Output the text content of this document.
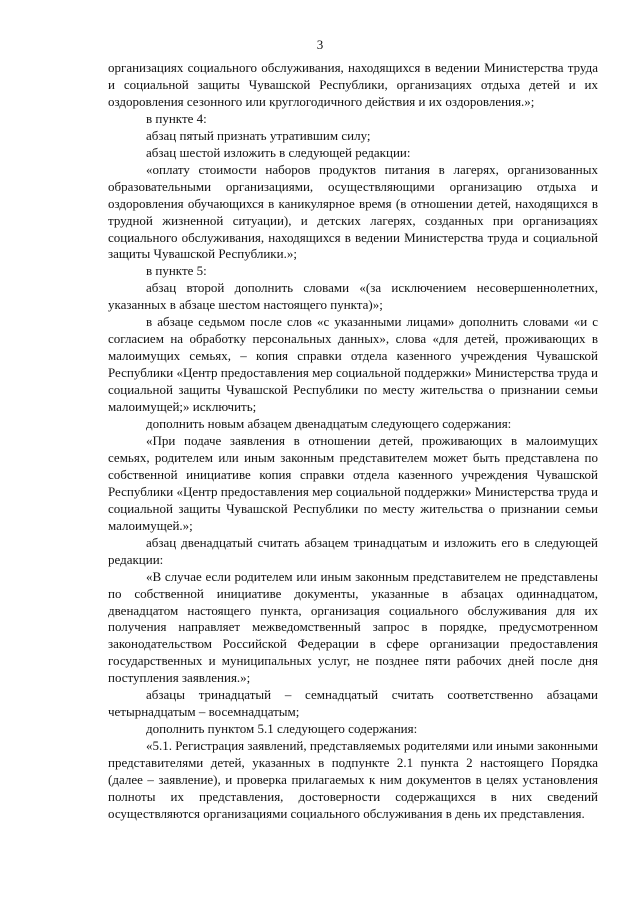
3

организациях социального обслуживания, находящихся в ведении Министерства труда и социальной защиты Чувашской Республики, организациях отдыха детей и их оздоровления сезонного или круглогодичного действия и их оздоровления.»;

в пункте 4:

абзац пятый признать утратившим силу;

абзац шестой изложить в следующей редакции:

«оплату стоимости наборов продуктов питания в лагерях, организованных образовательными организациями, осуществляющими организацию отдыха и оздоровления обучающихся в каникулярное время (в отношении детей, находящихся в трудной жизненной ситуации), и детских лагерях, созданных при организациях социального обслуживания, находящихся в ведении Министерства труда и социальной защиты Чувашской Республики.»;

в пункте 5:

абзац второй дополнить словами «(за исключением несовершеннолетних, указанных в абзаце шестом настоящего пункта)»;

в абзаце седьмом после слов «с указанными лицами» дополнить словами «и с согласием на обработку персональных данных», слова «для детей, проживающих в малоимущих семьях, – копия справки отдела казенного учреждения Чувашской Республики «Центр предоставления мер социальной поддержки» Министерства труда и социальной защиты Чувашской Республики по месту жительства о признании семьи малоимущей;» исключить;

дополнить новым абзацем двенадцатым следующего содержания:

«При подаче заявления в отношении детей, проживающих в малоимущих семьях, родителем или иным законным представителем может быть представлена по собственной инициативе копия справки отдела казенного учреждения Чувашской Республики «Центр предоставления мер социальной поддержки» Министерства труда и социальной защиты Чувашской Республики по месту жительства о признании семьи малоимущей.»;

абзац двенадцатый считать абзацем тринадцатым и изложить его в следующей редакции:

«В случае если родителем или иным законным представителем не представлены по собственной инициативе документы, указанные в абзацах одиннадцатом, двенадцатом настоящего пункта, организация социального обслуживания для их получения направляет межведомственный запрос в порядке, предусмотренном законодательством Российской Федерации в сфере организации предоставления государственных и муниципальных услуг, не позднее пяти рабочих дней после дня поступления заявления.»;

абзацы тринадцатый – семнадцатый считать соответственно абзацами четырнадцатым – восемнадцатым;

дополнить пунктом 5.1 следующего содержания:

«5.1. Регистрация заявлений, представляемых родителями или иными законными представителями детей, указанных в подпункте 2.1 пункта 2 настоящего Порядка (далее – заявление), и проверка прилагаемых к ним документов в целях установления полноты их представления, достоверности содержащихся в них сведений осуществляются организациями социального обслуживания в день их представления.
